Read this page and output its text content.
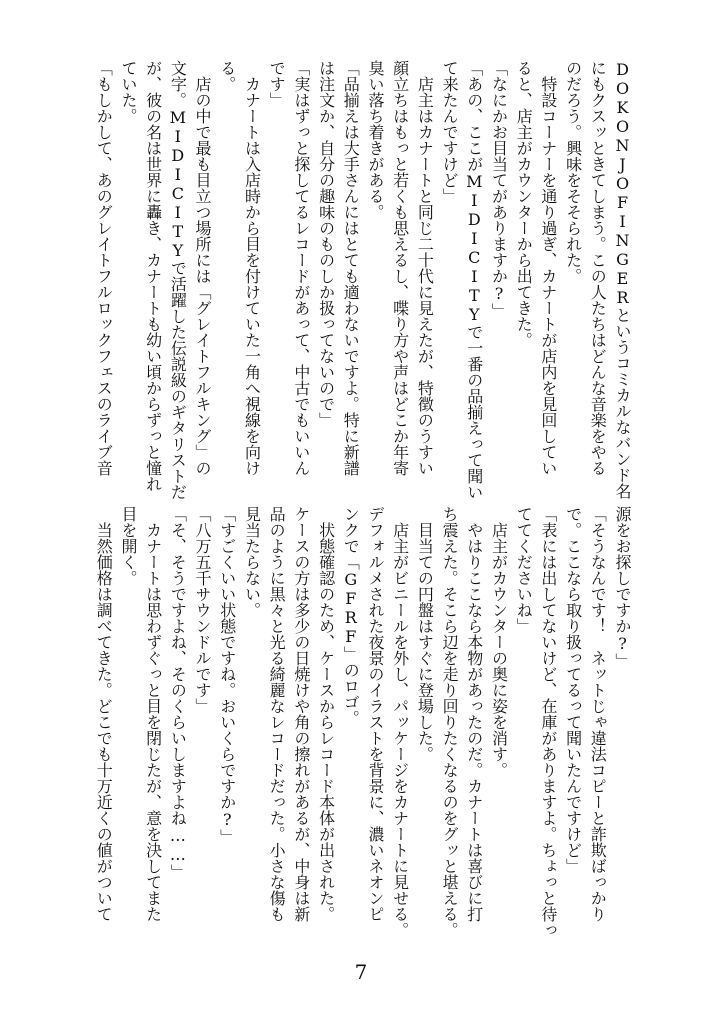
DOKONJOFINGERというコミカルなバンド名
にもクスッときてしまう。この人たちはどんな音楽をやる
のだろう。興味をそそられた。
　特設コーナーを通り過ぎ、カナートが店内を見回してい
ると、店主がカウンターから出てきた。
「なにかお目当てがありますか?」
「あの、ここがMIDICITYで一番の品揃えって聞い
て来たんですけど」
　店主はカナートと同じ二十代に見えたが、特徴のうすい
顔立ちはもっと若くも思えるし、喋り方や声はどこか年寄
臭い落ち着きがある。
「品揃えは大手さんにはとても適わないですよ。特に新譜
は注文か、自分の趣味のものしか扱ってないので」
「実はずっと探してるレコードがあって、中古でもいいん
です」
　カナートは入店時から目を付けていた一角へ視線を向け
る。
　店の中で最も目立つ場所には「グレイトフルキング」の
文字。MIDICITYで活躍した伝説級のギタリストだ
が、彼の名は世界に轟き、カナートも幼い頃からずっと憧れ
ていた。
「もしかして、あのグレイトフルロックフェスのライブ音
源をお探しですか?」
「そうなんです！　ネットじゃ違法コピーと詐欺ばっかり
で。ここなら取り扱ってるって聞いたんですけど」
「表には出してないけど、在庫がありますよ。ちょっと待っ
ててくださいね」
　店主がカウンターの奥に姿を消す。
　やはりここなら本物があったのだ。カナートは喜びに打
ち震えた。そこら辺を走り回りたくなるのをグッと堪える。
　目当ての円盤はすぐに登場した。
　店主がビニールを外し、パッケージをカナートに見せる。
デフォルメされた夜景のイラストを背景に、濃いネオンピ
ンクで「GFRF」のロゴ。
　状態確認のため、ケースからレコード本体が出された。
ケースの方は多少の日焼けや角の擦れがあるが、中身は新
品のように黒々と光る綺麗なレコードだった。小さな傷も
見当たらない。
「すごくいい状態ですね。おいくらですか?」
「八万五千サウンドルです」
「そ、そうですよね、そのくらいしますよね……」
　カナートは思わずぐっと目を閉じたが、意を決してまた
目を開く。
　当然価格は調べてきた。どこでも十万近くの値がついて
7
